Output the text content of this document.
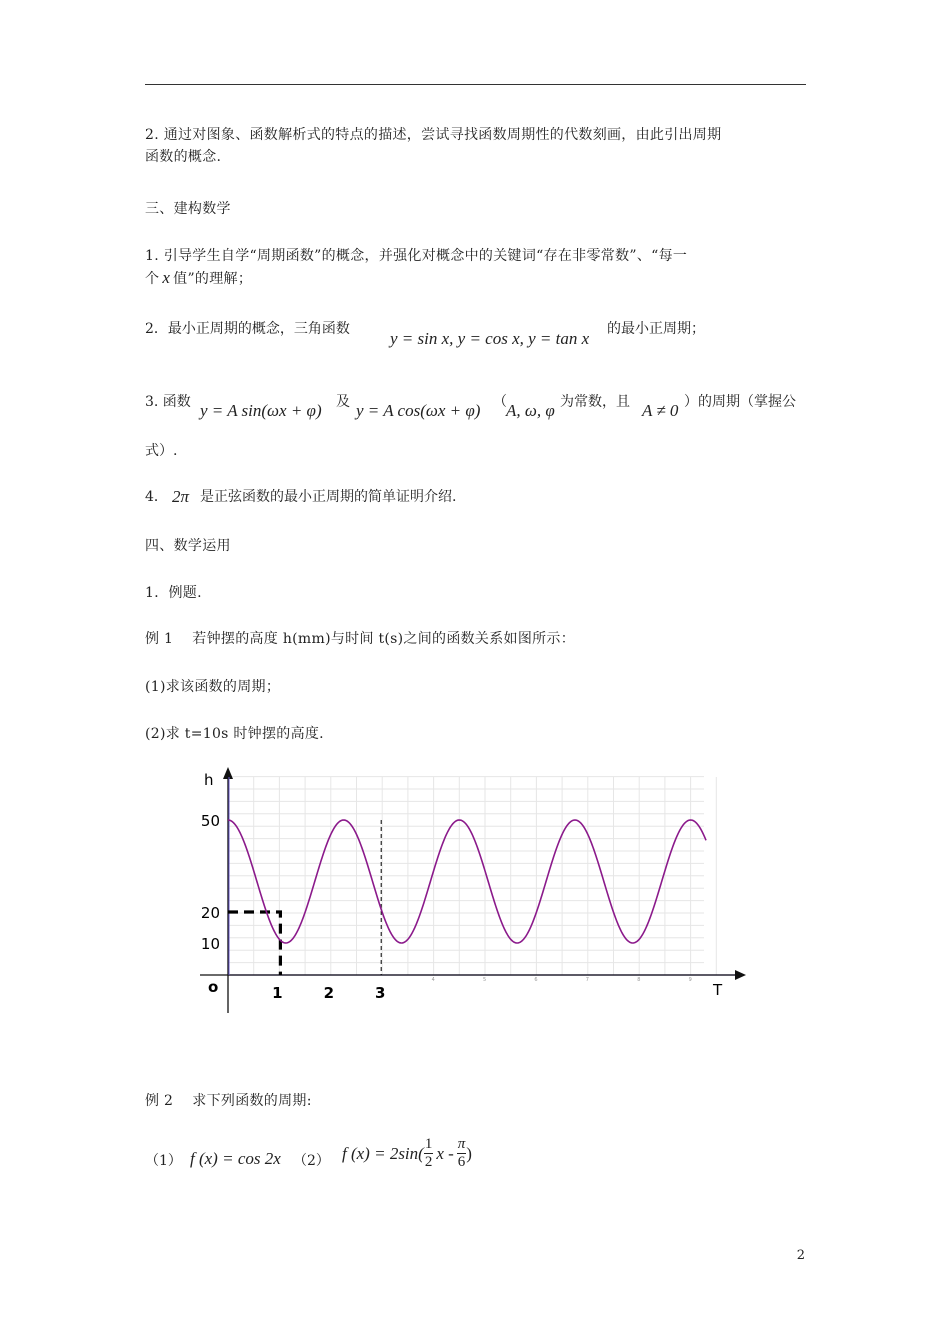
2. 通过对图象、函数解析式的特点的描述，尝试寻找函数周期性的代数刻画，由此引出周期
函数的概念.
三、建构数学
1. 引导学生自学“周期函数”的概念，并强化对概念中的关键词“存在非零常数”、“每一
个 x 值”的理解；
2．最小正周期的概念，三角函数 y = sin x, y = cos x, y = tan x 的最小正周期；
3. 函数 y = A sin(ωx + φ) 及 y = A cos(ωx + φ) （ A, ω, φ 为常数，且 A ≠ 0 ）的周期（掌握公
式）.
4． 2π 是正弦函数的最小正周期的简单证明介绍.
四、数学运用
1．例题.
例 1　 若钟摆的高度 h(mm)与时间 t(s)之间的函数关系如图所示：
(1)求该函数的周期；
(2)求 t=10s 时钟摆的高度.
h
T
o
10
20
50
1	2	3
4	5	6	7	8	9
例 2　 求下列函数的周期:
（1） f (x) = cos 2x （2） f $(x) = 2\sin( \frac{1}{2}$ x - $\frac{\pi}{6}$ )
2
